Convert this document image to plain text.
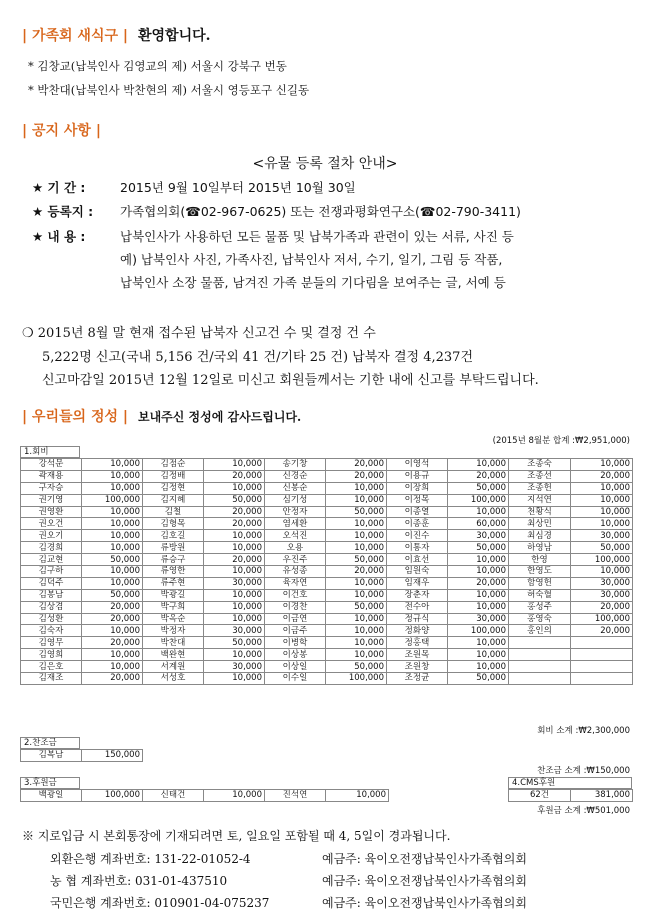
| 가족회 새식구 | 환영합니다.
* 김창교(납북인사 김영교의 제) 서울시 강북구 번동
* 박찬대(납북인사 박찬현의 제) 서울시 영등포구 신길동
| 공지 사항 |
<유물 등록 절차 안내>
★ 기 간 :	2015년 9월 10일부터 2015년 10월 30일
★ 등록지 : 가족협의회(☎02-967-0625) 또는 전쟁과평화연구소(☎02-790-3411)
★ 내 용 :	납북인사가 사용하던 모든 물품 및 납북가족과 관련이 있는 서류, 사진 등
예) 납북인사 사진, 가족사진, 납북인사 저서, 수기, 일기, 그림 등 작품,
납북인사 소장 물품, 남겨진 가족 분들의 기다림을 보여주는 글, 서예 등
❍ 2015년 8월 말 현재 접수된 납북자 신고건 수 및 결정 건 수
5,222명 신고(국내 5,156 건/국외 41 건/기타 25 건) 납북자 결정 4,237건
신고마감일 2015년 12월 12일로 미신고 회원들께서는 기한 내에 신고를 부탁드립니다.
| 우리들의 정성 | 보내주신 정성에 감사드립니다.
(2015년 8월분 합계 :₩2,951,000)
1.회비
강석문	10,000	김점순	10,000	송기창	20,000	이영석	10,000	조종숙	10,000
곽재용	10,000	김정배	20,000	신경순	20,000	이용규	20,000	조종선	20,000
구자승	10,000	김정현	10,000	신봉순	10,000	이장희	50,000	조종헌	10,000
권기영	100,000	김지혜	50,000	심기성	10,000	이정목	100,000	지석연	10,000
권영환	10,000	김철	20,000	안정자	50,000	이종열	10,000	천황식	10,000
권오건	10,000	김형목	20,000	염세환	10,000	이종훈	60,000	최상민	10,000
권오기	10,000	김호길	10,000	오석진	10,000	이진수	30,000	최심경	30,000
김경희	10,000	류방원	10,000	오용	10,000	이통자	50,000	하영남	50,000
김교현	50,000	류승구	20,000	우진주	50,000	이효선	10,000	한영	100,000
김구하	10,000	류영한	10,000	유성종	20,000	임원숙	10,000	한영도	10,000
김덕주	10,000	류주현	30,000	육자연	10,000	임재우	20,000	함영헌	30,000
김봉남	50,000	박광길	10,000	이건호	10,000	장춘자	10,000	허숙혈	30,000
김상겸	20,000	박구희	10,000	이경찬	50,000	전수아	10,000	홍성주	20,000
김성환	20,000	박옥순	10,000	이금연	10,000	정규식	30,000	홍영숙	100,000
김숙자	10,000	박정자	30,000	이금주	10,000	정화양	100,000	홍인의	20,000
김영무	20,000	박찬대	50,000	이병학	10,000	정홍택	10,000		
김영희	10,000	백완현	10,000	이상봉	10,000	조원목	10,000		
김은호	10,000	서계원	30,000	이상일	50,000	조원창	10,000		
김재조	20,000	서성호	10,000	이수일	100,000	조정균	50,000		
회비 소계 :₩2,300,000
2.찬조금
김복남	150,000
찬조금 소계 :₩150,000
3.후원금	4.CMS후원
백광일	100,000	신태건	10,000	진석연	10,000	62건	381,000
후원금 소계 :₩501,000
※ 지로입금 시 본회통장에 기재되려면 토, 일요일 포함될 때 4, 5일이 경과됩니다.
외환은행 계좌번호: 131-22-01052-4	예금주: 육이오전쟁납북인사가족협의회
농 협 계좌번호: 031-01-437510	예금주: 육이오전쟁납북인사가족협의회
국민은행 계좌번호: 010901-04-075237	예금주: 육이오전쟁납북인사가족협의회
